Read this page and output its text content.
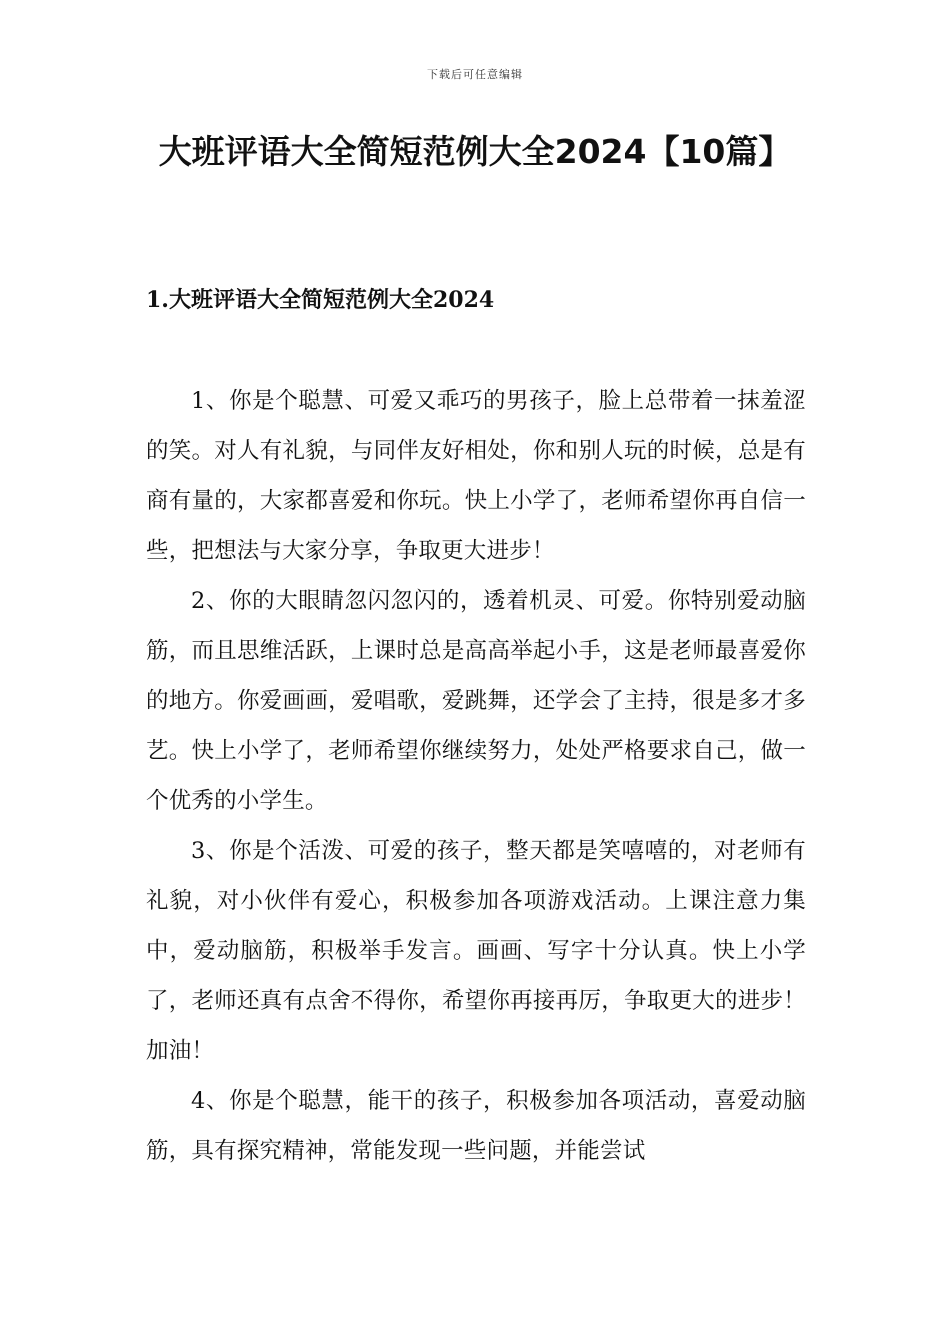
下载后可任意编辑
大班评语大全简短范例大全2024【10篇】
1.大班评语大全简短范例大全2024

1、你是个聪慧、可爱又乖巧的男孩子，脸上总带着一抹羞涩的笑。对人有礼貌，与同伴友好相处，你和别人玩的时候，总是有商有量的，大家都喜爱和你玩。快上小学了，老师希望你再自信一些，把想法与大家分享，争取更大进步！

2、你的大眼睛忽闪忽闪的，透着机灵、可爱。你特别爱动脑筋，而且思维活跃，上课时总是高高举起小手，这是老师最喜爱你的地方。你爱画画，爱唱歌，爱跳舞，还学会了主持，很是多才多艺。快上小学了，老师希望你继续努力，处处严格要求自己，做一个优秀的小学生。

3、你是个活泼、可爱的孩子，整天都是笑嘻嘻的，对老师有礼貌，对小伙伴有爱心，积极参加各项游戏活动。上课注意力集中，爱动脑筋，积极举手发言。画画、写字十分认真。快上小学了，老师还真有点舍不得你，希望你再接再厉，争取更大的进步！加油！

4、你是个聪慧，能干的孩子，积极参加各项活动，喜爱动脑筋，具有探究精神，常能发现一些问题，并能尝试
